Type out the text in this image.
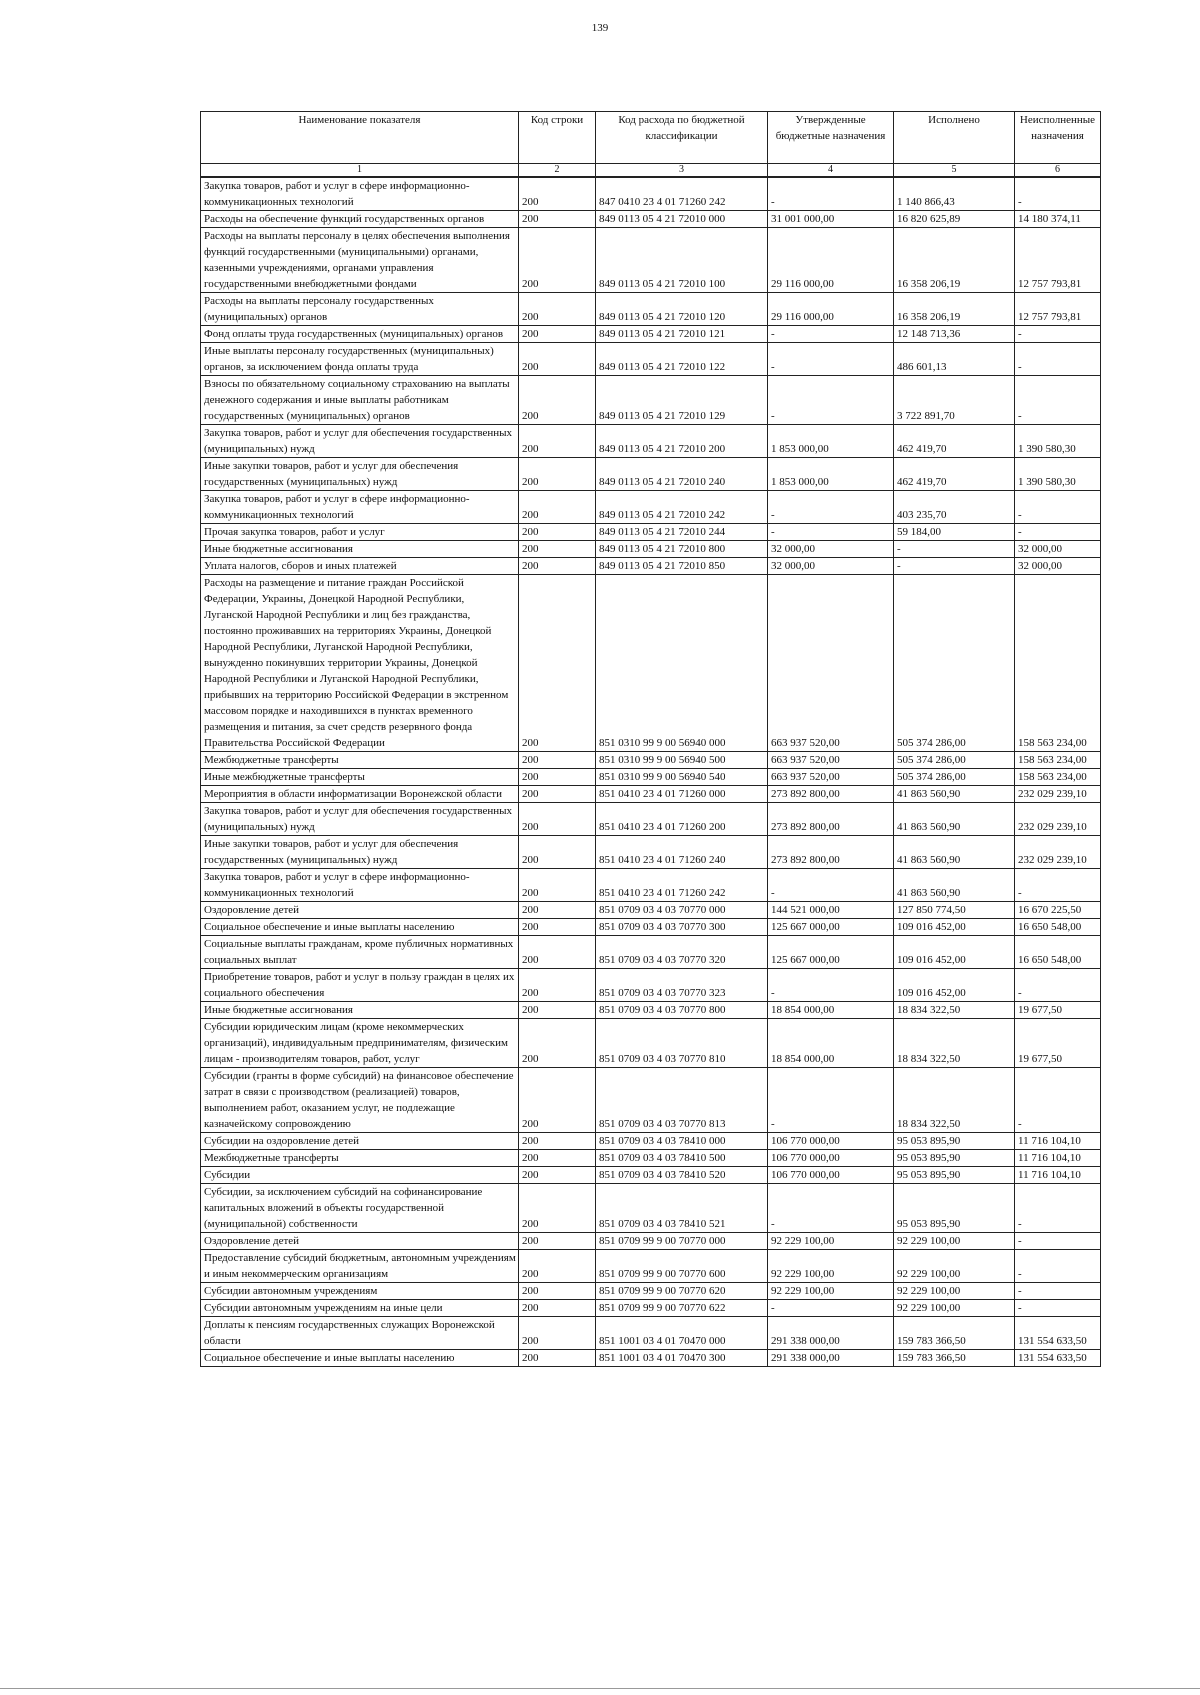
139
Наименование показателя	Код строки	Код расхода по бюджетной классификации	Утвержденные бюджетные назначения	Исполнено	Неисполненные назначения
1	2	3	4	5	6
Закупка товаров, работ и услуг в сфере информационно-коммуникационных технологий	200	847 0410 23 4 01 71260 242	-	1 140 866,43	-
Расходы на обеспечение функций государственных органов	200	849 0113 05 4 21 72010 000	31 001 000,00	16 820 625,89	14 180 374,11
Расходы на выплаты персоналу в целях обеспечения выполнения функций государственными (муниципальными) органами, казенными учреждениями, органами управления государственными внебюджетными фондами	200	849 0113 05 4 21 72010 100	29 116 000,00	16 358 206,19	12 757 793,81
Расходы на выплаты персоналу государственных (муниципальных) органов	200	849 0113 05 4 21 72010 120	29 116 000,00	16 358 206,19	12 757 793,81
Фонд оплаты труда государственных (муниципальных) органов	200	849 0113 05 4 21 72010 121	-	12 148 713,36	-
Иные выплаты персоналу государственных (муниципальных) органов, за исключением фонда оплаты труда	200	849 0113 05 4 21 72010 122	-	486 601,13	-
Взносы по обязательному социальному страхованию на выплаты денежного содержания и иные выплаты работникам государственных (муниципальных) органов	200	849 0113 05 4 21 72010 129	-	3 722 891,70	-
Закупка товаров, работ и услуг для обеспечения государственных (муниципальных) нужд	200	849 0113 05 4 21 72010 200	1 853 000,00	462 419,70	1 390 580,30
Иные закупки товаров, работ и услуг для обеспечения государственных (муниципальных) нужд	200	849 0113 05 4 21 72010 240	1 853 000,00	462 419,70	1 390 580,30
Закупка товаров, работ и услуг в сфере информационно-коммуникационных технологий	200	849 0113 05 4 21 72010 242	-	403 235,70	-
Прочая закупка товаров, работ и услуг	200	849 0113 05 4 21 72010 244	-	59 184,00	-
Иные бюджетные ассигнования	200	849 0113 05 4 21 72010 800	32 000,00	-	32 000,00
Уплата налогов, сборов и иных платежей	200	849 0113 05 4 21 72010 850	32 000,00	-	32 000,00
Расходы на размещение и питание граждан Российской Федерации, Украины, Донецкой Народной Республики, Луганской Народной Республики и лиц без гражданства, постоянно проживавших на территориях Украины, Донецкой Народной Республики, Луганской Народной Республики, вынужденно покинувших территории Украины, Донецкой Народной Республики и Луганской Народной Республики, прибывших на территорию Российской Федерации в экстренном массовом порядке и находившихся в пунктах временного размещения и питания, за счет средств резервного фонда Правительства Российской Федерации	200	851 0310 99 9 00 56940 000	663 937 520,00	505 374 286,00	158 563 234,00
Межбюджетные трансферты	200	851 0310 99 9 00 56940 500	663 937 520,00	505 374 286,00	158 563 234,00
Иные межбюджетные трансферты	200	851 0310 99 9 00 56940 540	663 937 520,00	505 374 286,00	158 563 234,00
Мероприятия в области информатизации Воронежской области	200	851 0410 23 4 01 71260 000	273 892 800,00	41 863 560,90	232 029 239,10
Закупка товаров, работ и услуг для обеспечения государственных (муниципальных) нужд	200	851 0410 23 4 01 71260 200	273 892 800,00	41 863 560,90	232 029 239,10
Иные закупки товаров, работ и услуг для обеспечения государственных (муниципальных) нужд	200	851 0410 23 4 01 71260 240	273 892 800,00	41 863 560,90	232 029 239,10
Закупка товаров, работ и услуг в сфере информационно-коммуникационных технологий	200	851 0410 23 4 01 71260 242	-	41 863 560,90	-
Оздоровление детей	200	851 0709 03 4 03 70770 000	144 521 000,00	127 850 774,50	16 670 225,50
Социальное обеспечение и иные выплаты населению	200	851 0709 03 4 03 70770 300	125 667 000,00	109 016 452,00	16 650 548,00
Социальные выплаты гражданам, кроме публичных нормативных социальных выплат	200	851 0709 03 4 03 70770 320	125 667 000,00	109 016 452,00	16 650 548,00
Приобретение товаров, работ и услуг в пользу граждан в целях их социального обеспечения	200	851 0709 03 4 03 70770 323	-	109 016 452,00	-
Иные бюджетные ассигнования	200	851 0709 03 4 03 70770 800	18 854 000,00	18 834 322,50	19 677,50
Субсидии юридическим лицам (кроме некоммерческих организаций), индивидуальным предпринимателям, физическим лицам - производителям товаров, работ, услуг	200	851 0709 03 4 03 70770 810	18 854 000,00	18 834 322,50	19 677,50
Субсидии (гранты в форме субсидий) на финансовое обеспечение затрат в связи с производством (реализацией) товаров, выполнением работ, оказанием услуг, не подлежащие казначейскому сопровождению	200	851 0709 03 4 03 70770 813	-	18 834 322,50	-
Субсидии на оздоровление детей	200	851 0709 03 4 03 78410 000	106 770 000,00	95 053 895,90	11 716 104,10
Межбюджетные трансферты	200	851 0709 03 4 03 78410 500	106 770 000,00	95 053 895,90	11 716 104,10
Субсидии	200	851 0709 03 4 03 78410 520	106 770 000,00	95 053 895,90	11 716 104,10
Субсидии, за исключением субсидий на софинансирование капитальных вложений в объекты государственной (муниципальной) собственности	200	851 0709 03 4 03 78410 521	-	95 053 895,90	-
Оздоровление детей	200	851 0709 99 9 00 70770 000	92 229 100,00	92 229 100,00	-
Предоставление субсидий бюджетным, автономным учреждениям и иным некоммерческим организациям	200	851 0709 99 9 00 70770 600	92 229 100,00	92 229 100,00	-
Субсидии автономным учреждениям	200	851 0709 99 9 00 70770 620	92 229 100,00	92 229 100,00	-
Субсидии автономным учреждениям на иные цели	200	851 0709 99 9 00 70770 622	-	92 229 100,00	-
Доплаты к пенсиям государственных служащих Воронежской области	200	851 1001 03 4 01 70470 000	291 338 000,00	159 783 366,50	131 554 633,50
Социальное обеспечение и иные выплаты населению	200	851 1001 03 4 01 70470 300	291 338 000,00	159 783 366,50	131 554 633,50
